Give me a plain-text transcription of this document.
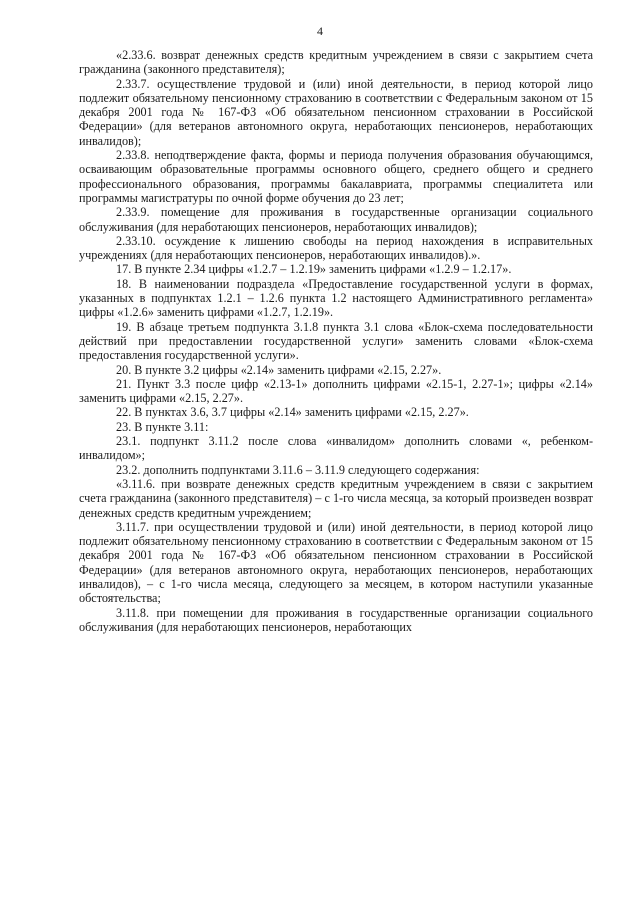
4

«2.33.6. возврат денежных средств кредитным учреждением в связи с закрытием счета гражданина (законного представителя);

2.33.7. осуществление трудовой и (или) иной деятельности, в период которой лицо подлежит обязательному пенсионному страхованию в соответствии с Федеральным законом от 15 декабря 2001 года № 167-ФЗ «Об обязательном пенсионном страховании в Российской Федерации» (для ветеранов автономного округа, неработающих пенсионеров, неработающих инвалидов);

2.33.8. неподтверждение факта, формы и периода получения образования обучающимся, осваивающим образовательные программы основного общего, среднего общего и среднего профессионального образования, программы бакалавриата, программы специалитета или программы магистратуры по очной форме обучения до 23 лет;

2.33.9. помещение для проживания в государственные организации социального обслуживания (для неработающих пенсионеров, неработающих инвалидов);

2.33.10. осуждение к лишению свободы на период нахождения в исправительных учреждениях (для неработающих пенсионеров, неработающих инвалидов).».

17. В пункте 2.34 цифры «1.2.7 – 1.2.19» заменить цифрами «1.2.9 – 1.2.17».

18. В наименовании подраздела «Предоставление государственной услуги в формах, указанных в подпунктах 1.2.1 – 1.2.6 пункта 1.2 настоящего Административного регламента» цифры «1.2.6» заменить цифрами «1.2.7, 1.2.19».

19. В абзаце третьем подпункта 3.1.8 пункта 3.1 слова «Блок-схема последовательности действий при предоставлении государственной услуги» заменить словами «Блок-схема предоставления государственной услуги».

20. В пункте 3.2 цифры «2.14» заменить цифрами «2.15, 2.27».

21. Пункт 3.3 после цифр «2.13-1» дополнить цифрами «2.15-1, 2.27-1»; цифры «2.14» заменить цифрами «2.15, 2.27».

22. В пунктах 3.6, 3.7 цифры «2.14» заменить цифрами «2.15, 2.27».

23. В пункте 3.11:

23.1. подпункт 3.11.2 после слова «инвалидом» дополнить словами «, ребенком-инвалидом»;

23.2. дополнить подпунктами 3.11.6 – 3.11.9 следующего содержания:

«3.11.6. при возврате денежных средств кредитным учреждением в связи с закрытием счета гражданина (законного представителя) – с 1-го числа месяца, за который произведен возврат денежных средств кредитным учреждением;

3.11.7. при осуществлении трудовой и (или) иной деятельности, в период которой лицо подлежит обязательному пенсионному страхованию в соответствии с Федеральным законом от 15 декабря 2001 года № 167-ФЗ «Об обязательном пенсионном страховании в Российской Федерации» (для ветеранов автономного округа, неработающих пенсионеров, неработающих инвалидов), – с 1-го числа месяца, следующего за месяцем, в котором наступили указанные обстоятельства;

3.11.8. при помещении для проживания в государственные организации социального обслуживания (для неработающих пенсионеров, неработающих
